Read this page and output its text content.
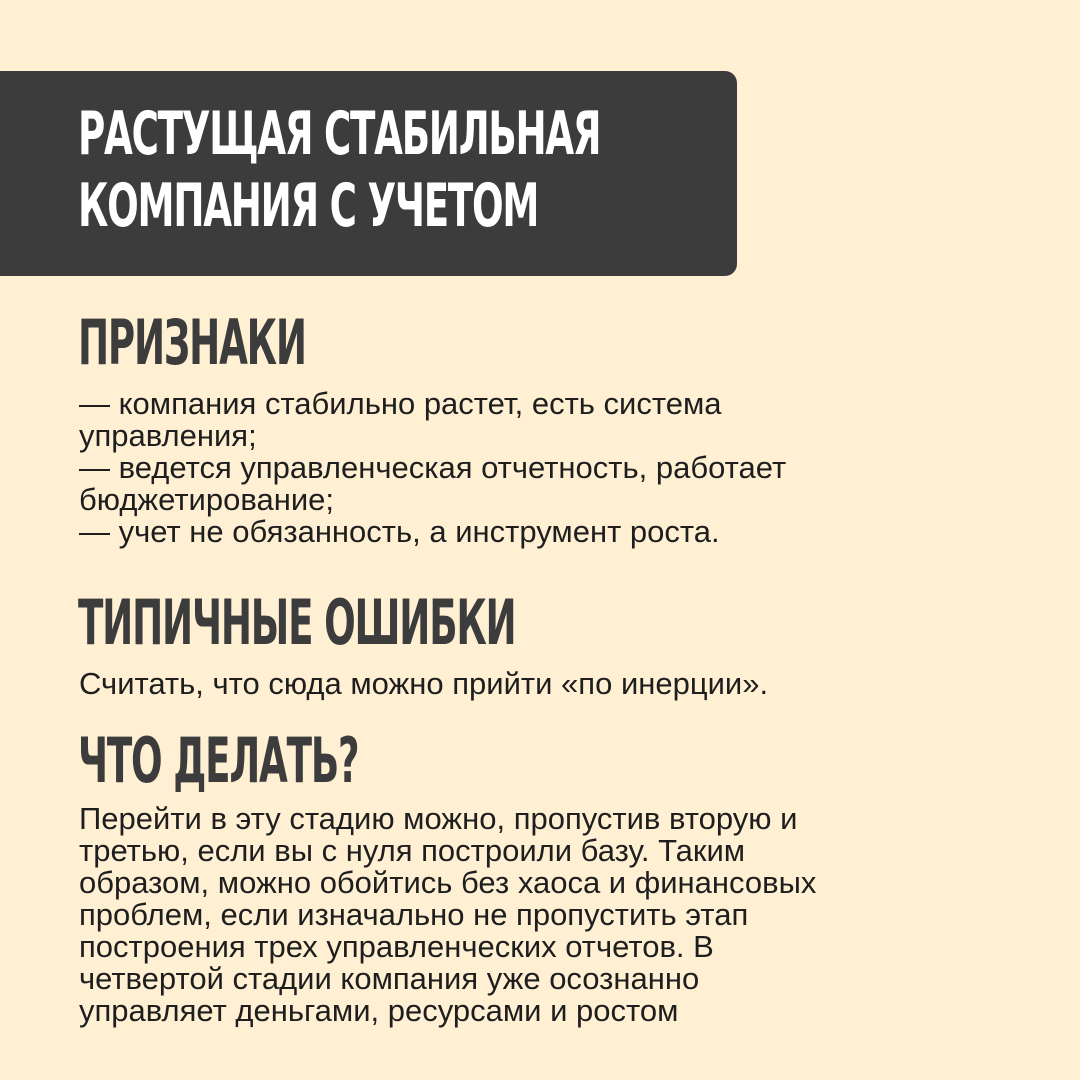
РАСТУЩАЯ СТАБИЛЬНАЯ
КОМПАНИЯ С УЧЕТОМ
ПРИЗНАКИ
— компания стабильно растет, есть система
управления;
— ведется управленческая отчетность, работает
бюджетирование;
— учет не обязанность, а инструмент роста.
ТИПИЧНЫЕ ОШИБКИ
Считать, что сюда можно прийти «по инерции».
ЧТО ДЕЛАТЬ?
Перейти в эту стадию можно, пропустив вторую и
третью, если вы с нуля построили базу. Таким
образом, можно обойтись без хаоса и финансовых
проблем, если изначально не пропустить этап
построения трех управленческих отчетов. В
четвертой стадии компания уже осознанно
управляет деньгами, ресурсами и ростом
